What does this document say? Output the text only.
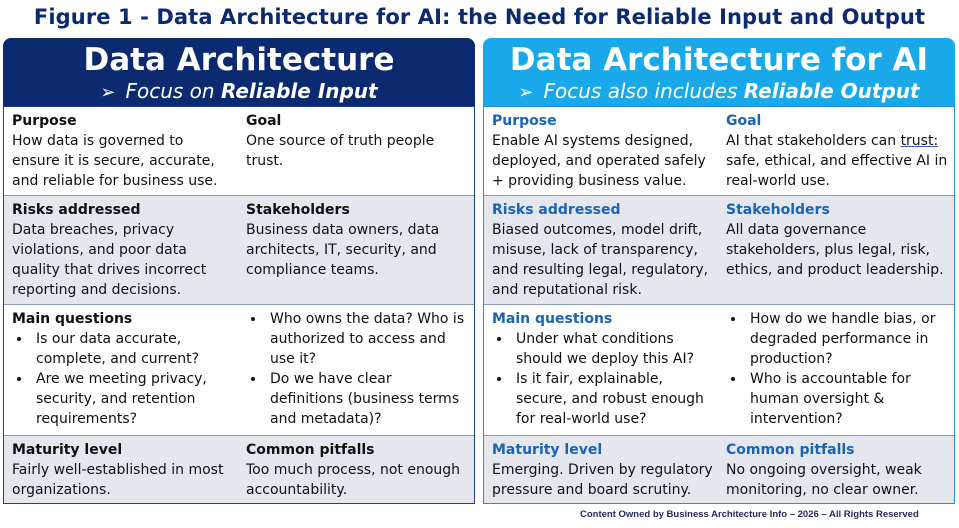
Figure 1 - Data Architecture for AI: the Need for Reliable Input and Output
Data Architecture
➢ Focus on Reliable Input
Purpose
How data is governed to ensure it is secure, accurate, and reliable for business use.
Goal
One source of truth people trust.
Risks addressed
Data breaches, privacy violations, and poor data quality that drives incorrect reporting and decisions.
Stakeholders
Business data owners, data architects, IT, security, and compliance teams.
Main questions
• Is our data accurate, complete, and current?
• Are we meeting privacy, security, and retention requirements?
• Who owns the data? Who is authorized to access and use it?
• Do we have clear definitions (business terms and metadata)?
Maturity level
Fairly well-established in most organizations.
Common pitfalls
Too much process, not enough accountability.
Data Architecture for AI
➢ Focus also includes Reliable Output
Purpose
Enable AI systems designed, deployed, and operated safely + providing business value.
Goal
AI that stakeholders can trust: safe, ethical, and effective AI in real-world use.
Risks addressed
Biased outcomes, model drift, misuse, lack of transparency, and resulting legal, regulatory, and reputational risk.
Stakeholders
All data governance stakeholders, plus legal, risk, ethics, and product leadership.
Main questions
• Under what conditions should we deploy this AI?
• Is it fair, explainable, secure, and robust enough for real-world use?
• How do we handle bias, or degraded performance in production?
• Who is accountable for human oversight & intervention?
Maturity level
Emerging. Driven by regulatory pressure and board scrutiny.
Common pitfalls
No ongoing oversight, weak monitoring, no clear owner.
Content Owned by Business Architecture Info – 2026 – All Rights Reserved
